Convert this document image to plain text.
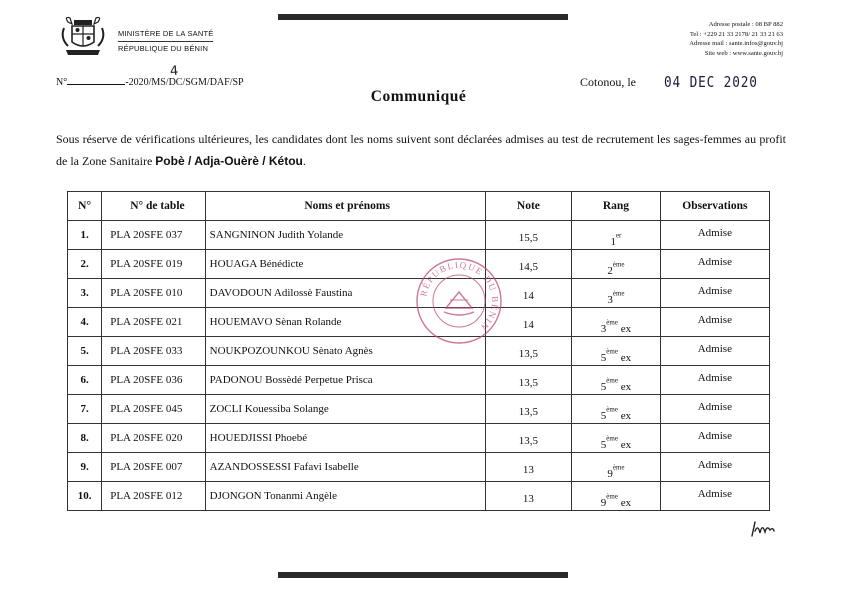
MINISTÈRE DE LA SANTÉ
RÉPUBLIQUE DU BÉNIN
Adresse postale : 08 BP 882
Tel : +229 21 33 2178/ 21 33 21 63
Adresse mail : sante.infos@gouv.bj
Site web : www.sante.gouv.bj
N°	-2020/MS/DC/SGM/DAF/SP
4
Cotonou, le 04 DEC 2020
Communiqué
Sous réserve de vérifications ultérieures, les candidates dont les noms suivent sont déclarées admises au test de recrutement les sages-femmes au profit de la Zone Sanitaire Pobè / Adja-Ouèrè / Kétou.
N°	N° de table	Noms et prénoms	Note	Rang	Observations
1.	PLA 20SFE 037	SANGNINON Judith Yolande	15,5	1er	Admise
2.	PLA 20SFE 019	HOUAGA Bénédicte	14,5	2ème	Admise
3.	PLA 20SFE 010	DAVODOUN Adilossè Faustina	14	3ème	Admise
4.	PLA 20SFE 021	HOUEMAVO Sènan Rolande	14	3ème ex	Admise
5.	PLA 20SFE 033	NOUKPOZOUNKOU Sènato Agnès	13,5	5ème ex	Admise
6.	PLA 20SFE 036	PADONOU Bossèdé Perpetue Prisca	13,5	5ème ex	Admise
7.	PLA 20SFE 045	ZOCLI Kouessiba Solange	13,5	5ème ex	Admise
8.	PLA 20SFE 020	HOUEDJISSI Phoebé	13,5	5ème ex	Admise
9.	PLA 20SFE 007	AZANDOSSESSI Fafavi Isabelle	13	9ème	Admise
10.	PLA 20SFE 012	DJONGON Tonanmi Angèle	13	9ème ex	Admise
RÉPUBLIQUE DU BÉNIN
